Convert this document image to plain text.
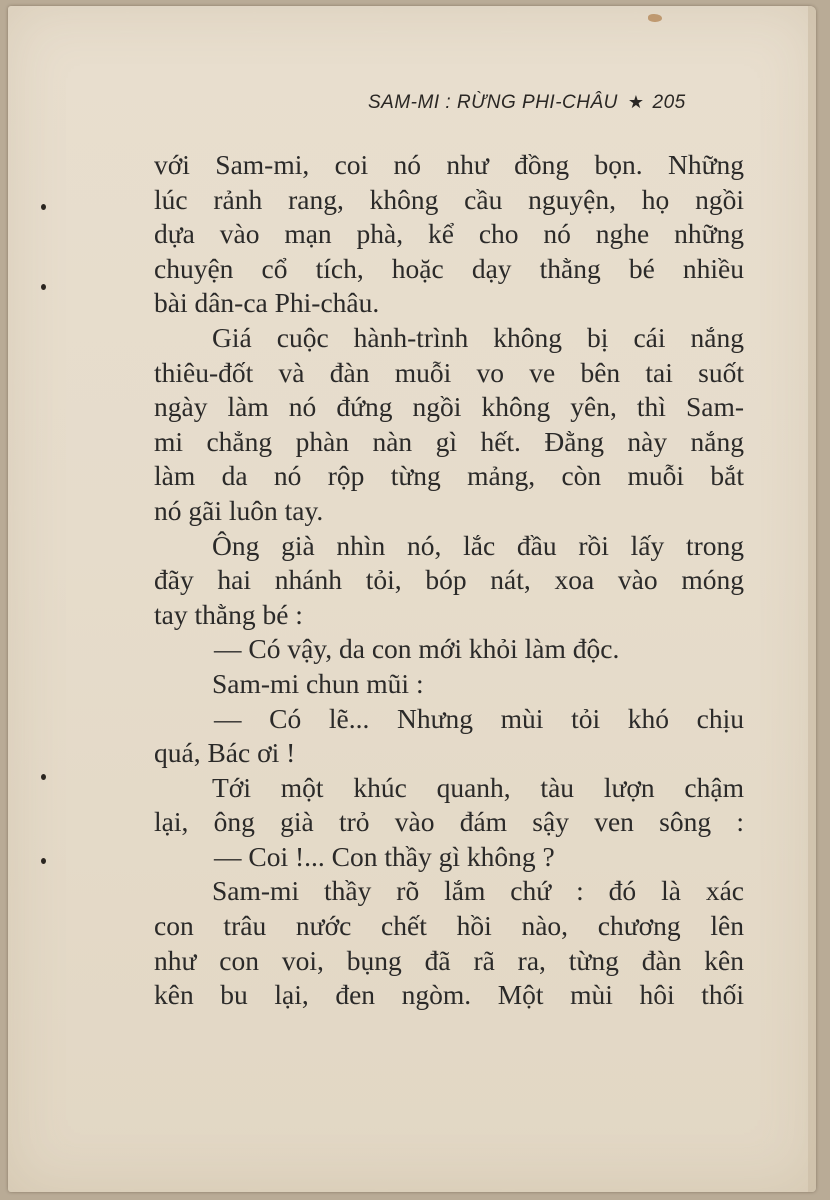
SAM-MI : RỪNG PHI-CHÂU ★ 205
với Sam-mi, coi nó như đồng bọn. Những
lúc rảnh rang, không cầu nguyện, họ ngồi
dựa vào mạn phà, kể cho nó nghe những
chuyện cổ tích, hoặc dạy thằng bé nhiều
bài dân-ca Phi-châu.
Giá cuộc hành-trình không bị cái nắng
thiêu-đốt và đàn muỗi vo ve bên tai suốt
ngày làm nó đứng ngồi không yên, thì Sam-
mi chẳng phàn nàn gì hết. Đằng này nắng
làm da nó rộp từng mảng, còn muỗi bắt
nó gãi luôn tay.
Ông già nhìn nó, lắc đầu rồi lấy trong
đãy hai nhánh tỏi, bóp nát, xoa vào móng
tay thằng bé :
— Có vậy, da con mới khỏi làm độc.
Sam-mi chun mũi :
— Có lẽ... Nhưng mùi tỏi khó chịu
quá, Bác ơi !
Tới một khúc quanh, tàu lượn chậm
lại, ông già trỏ vào đám sậy ven sông :
— Coi !... Con thầy gì không ?
Sam-mi thầy rõ lắm chứ : đó là xác
con trâu nước chết hồi nào, chương lên
như con voi, bụng đã rã ra, từng đàn kên
kên bu lại, đen ngòm. Một mùi hôi thối
